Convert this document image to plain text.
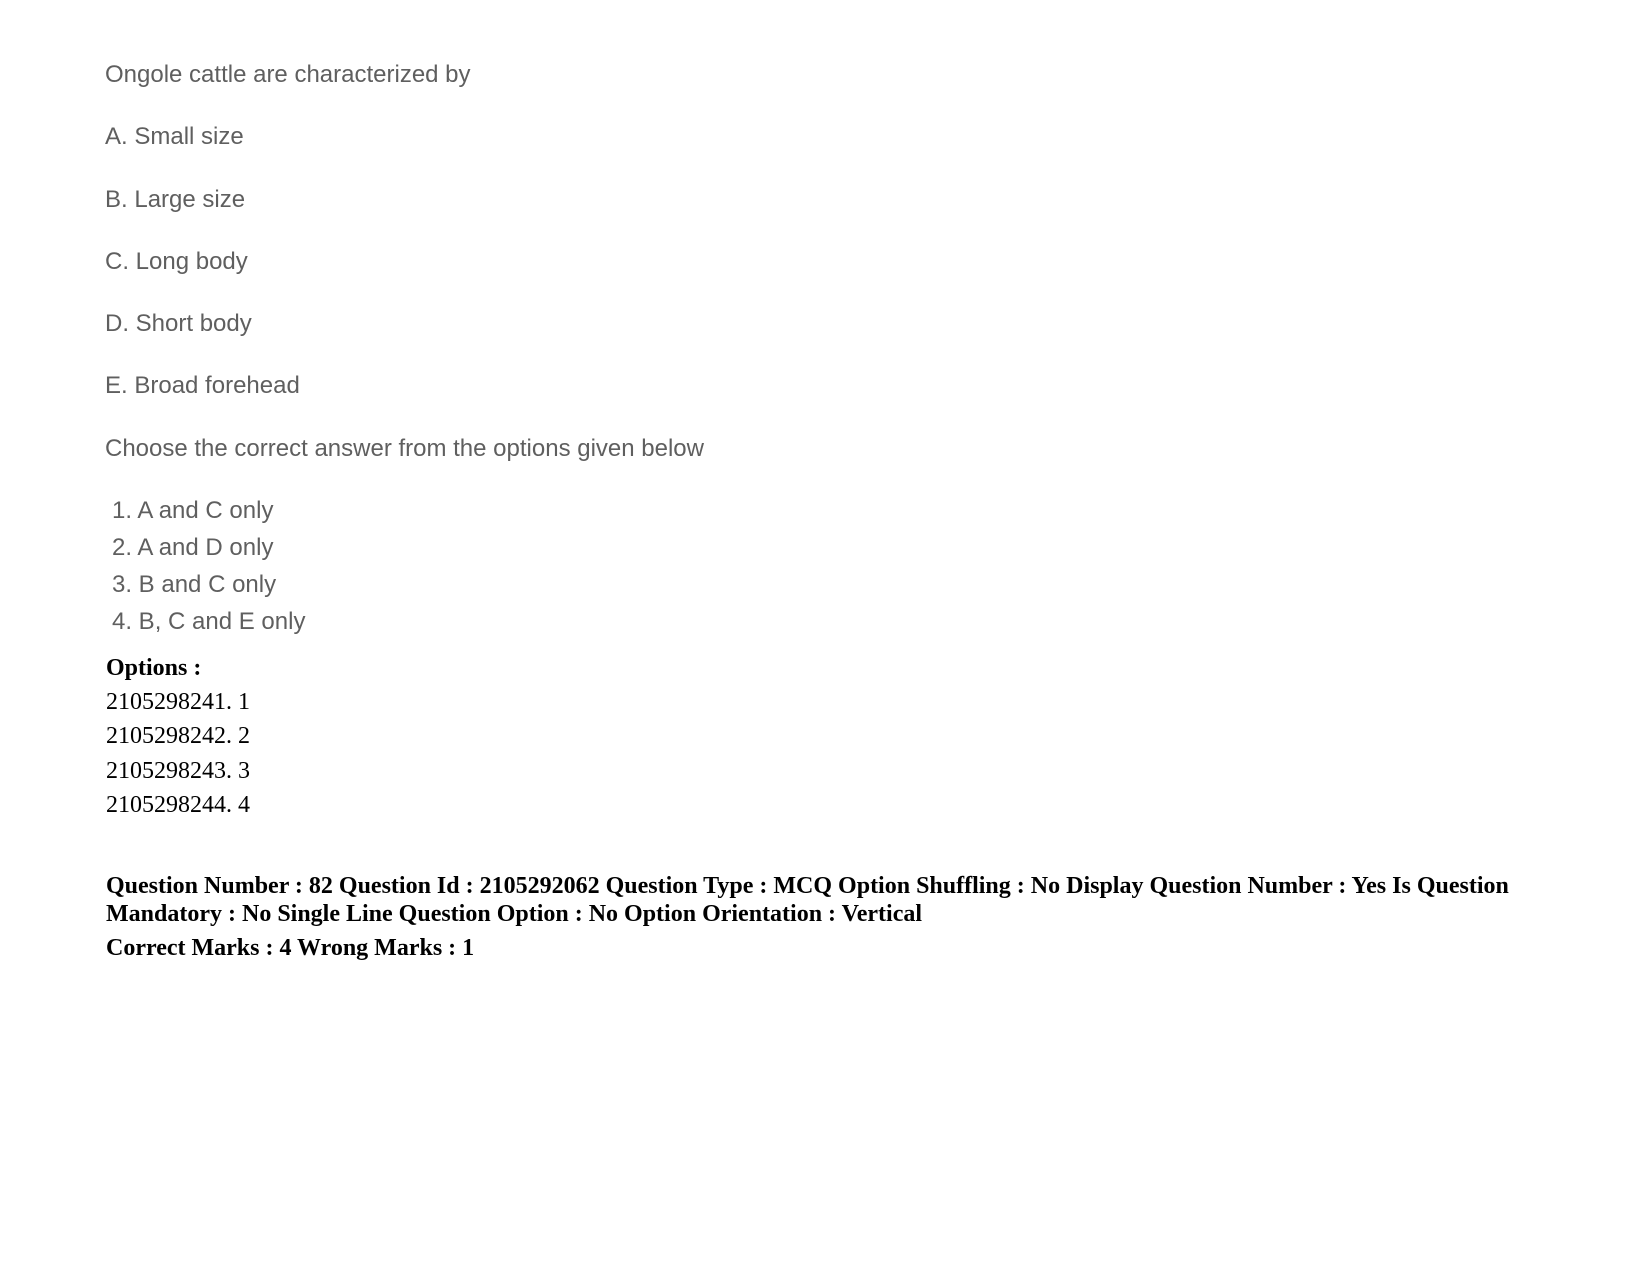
Ongole cattle are characterized by
A. Small size
B. Large size
C. Long body
D. Short body
E. Broad forehead
Choose the correct answer from the options given below
1. A and C only
2. A and D only
3. B and C only
4. B, C and E only
Options :
2105298241. 1
2105298242. 2
2105298243. 3
2105298244. 4
Question Number : 82 Question Id : 2105292062 Question Type : MCQ Option Shuffling : No Display Question Number : Yes Is Question Mandatory : No Single Line Question Option : No Option Orientation : Vertical
Correct Marks : 4 Wrong Marks : 1
